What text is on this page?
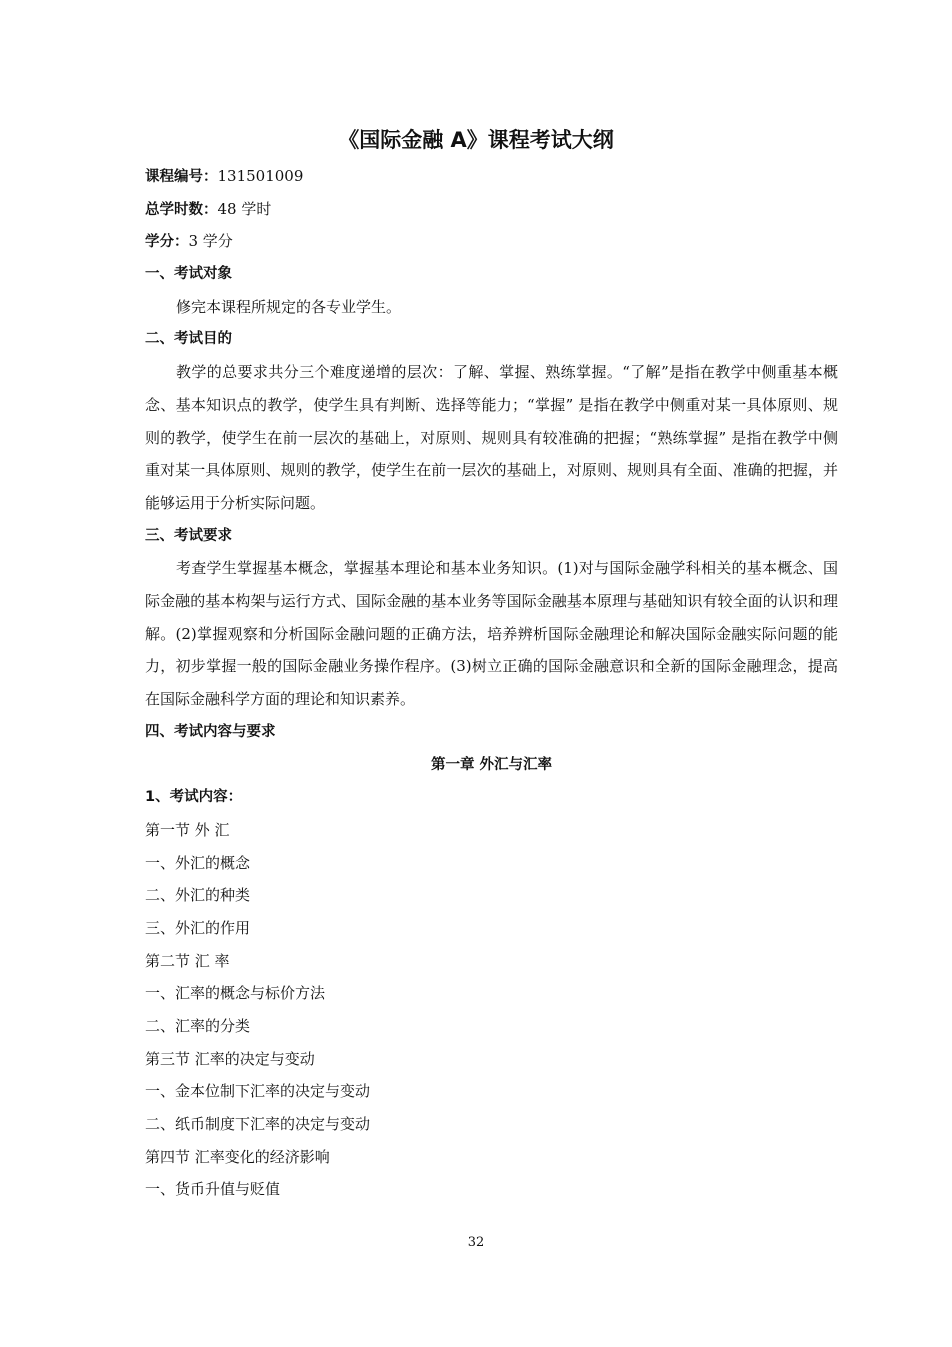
《国际金融 A》课程考试大纲
课程编号：131501009
总学时数：48 学时
学分：3 学分
一、考试对象
修完本课程所规定的各专业学生。
二、考试目的

教学的总要求共分三个难度递增的层次：了解、掌握、熟练掌握。“了解”是指在教学中侧重基本概念、基本知识点的教学，使学生具有判断、选择等能力；“掌握” 是指在教学中侧重对某一具体原则、规则的教学，使学生在前一层次的基础上，对原则、规则具有较准确的把握；“熟练掌握” 是指在教学中侧重对某一具体原则、规则的教学，使学生在前一层次的基础上，对原则、规则具有全面、准确的把握，并能够运用于分析实际问题。

三、考试要求

考查学生掌握基本概念，掌握基本理论和基本业务知识。(1)对与国际金融学科相关的基本概念、国际金融的基本构架与运行方式、国际金融的基本业务等国际金融基本原理与基础知识有较全面的认识和理解。(2)掌握观察和分析国际金融问题的正确方法，培养辨析国际金融理论和解决国际金融实际问题的能力，初步掌握一般的国际金融业务操作程序。(3)树立正确的国际金融意识和全新的国际金融理念，提高在国际金融科学方面的理论和知识素养。

四、考试内容与要求
第一章 外汇与汇率
1、考试内容：
第一节 外 汇
一、外汇的概念
二、外汇的种类
三、外汇的作用
第二节 汇 率
一、汇率的概念与标价方法
二、汇率的分类
第三节 汇率的决定与变动
一、金本位制下汇率的决定与变动
二、纸币制度下汇率的决定与变动
第四节 汇率变化的经济影响
一、货币升值与贬值
32
